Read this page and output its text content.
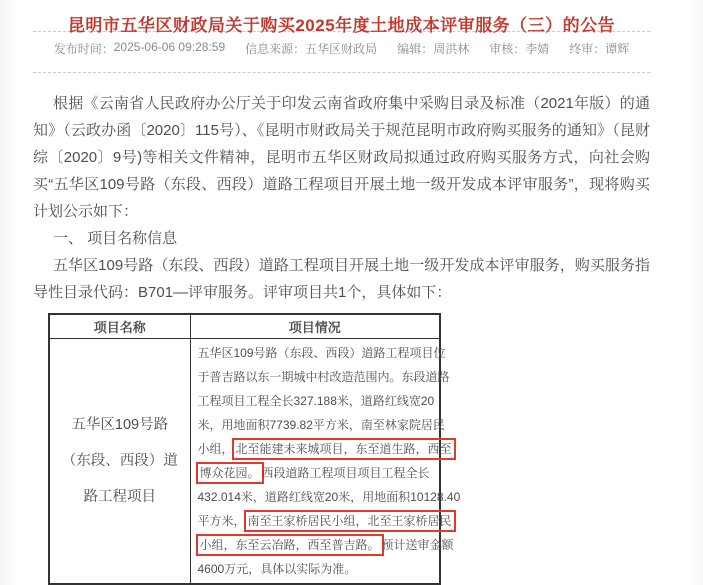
昆明市五华区财政局关于购买2025年度土地成本评审服务（三）的公告
发布时间： 2025-06-06 09:28:59 信息来源： 五华区财政局 编辑： 周洪林 审核： 李婧 终审： 谭辉

根据《云南省人民政府办公厅关于印发云南省政府集中采购目录及标准（2021年版）的通知》（云政办函〔2020〕115号）、《昆明市财政局关于规范昆明市政府购买服务的通知》（昆财综〔2020〕9号)等相关文件精神，昆明市五华区财政局拟通过政府购买服务方式，向社会购买“五华区109号路（东段、西段）道路工程项目开展土地一级开发成本评审服务”，现将购买计划公示如下：

一、 项目名称信息

五华区109号路（东段、西段）道路工程项目开展土地一级开发成本评审服务，购买服务指导性目录代码：B701—评审服务。评审项目共1个，具体如下：

项目名称	项目情况
五华区109号路（东段、西段）道路工程项目	
五华区109号路（东段、西段）道路工程项目位
于普吉路以东一期城中村改造范围内。东段道路
工程项目工程全长327.188米，道路红线宽20
米，用地面积7739.82平方米，南至林家院居民
小组， 北至能建未来城项目，东至道生路，西至
博众花园。 西段道路工程项目项目工程全长
432.014米，道路红线宽20米，用地面积10128.40
平方米， 南至王家桥居民小组，北至王家桥居民
小组，东至云冶路，西至普吉路。 预计送审金额
4600万元，具体以实际为准。
